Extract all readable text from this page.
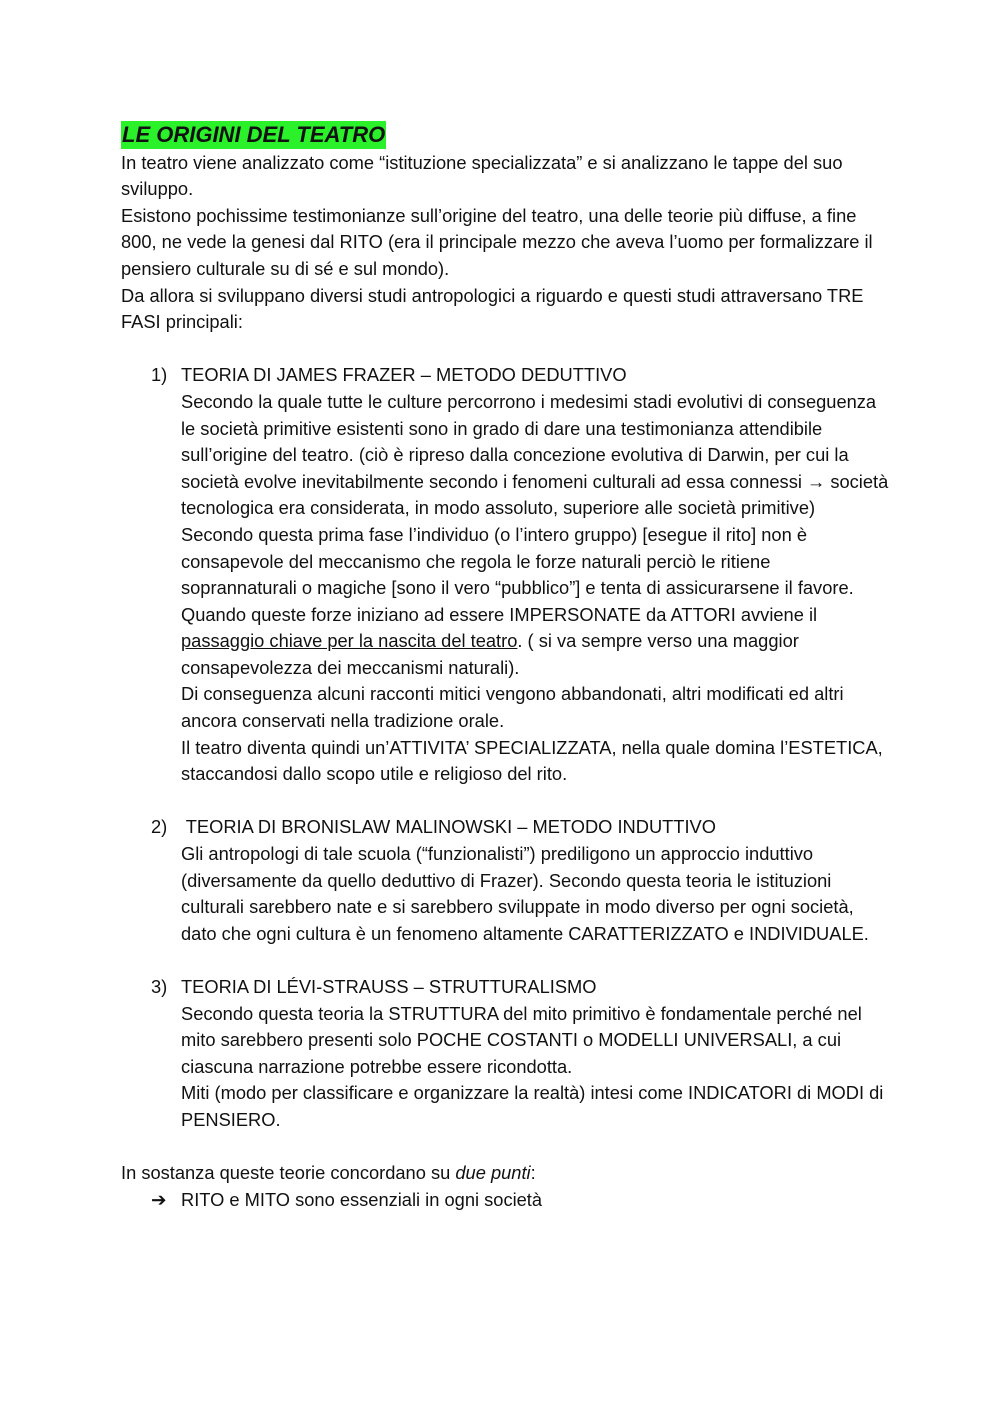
LE ORIGINI DEL TEATRO

In teatro viene analizzato come “istituzione specializzata” e si analizzano le tappe del suo sviluppo.

Esistono pochissime testimonianze sull’origine del teatro, una delle teorie più diffuse, a fine 800, ne vede la genesi dal RITO (era il principale mezzo che aveva l’uomo per formalizzare il pensiero culturale su di sé e sul mondo).

Da allora si sviluppano diversi studi antropologici a riguardo e questi studi attraversano TRE FASI principali:

1) TEORIA DI JAMES FRAZER – METODO DEDUTTIVO

Secondo la quale tutte le culture percorrono i medesimi stadi evolutivi di conseguenza le società primitive esistenti sono in grado di dare una testimonianza attendibile sull’origine del teatro. (ciò è ripreso dalla concezione evolutiva di Darwin, per cui la società evolve inevitabilmente secondo i fenomeni culturali ad essa connessi → società tecnologica era considerata, in modo assoluto, superiore alle società primitive)

Secondo questa prima fase l’individuo (o l’intero gruppo) [esegue il rito] non è consapevole del meccanismo che regola le forze naturali perciò le ritiene soprannaturali o magiche [sono il vero “pubblico”] e tenta di assicurarsene il favore. Quando queste forze iniziano ad essere IMPERSONATE da ATTORI avviene il passaggio chiave per la nascita del teatro. ( si va sempre verso una maggior consapevolezza dei meccanismi naturali).

Di conseguenza alcuni racconti mitici vengono abbandonati, altri modificati ed altri ancora conservati nella tradizione orale.

Il teatro diventa quindi un’ATTIVITA’ SPECIALIZZATA, nella quale domina l’ESTETICA, staccandosi dallo scopo utile e religioso del rito.

2) TEORIA DI BRONISLAW MALINOWSKI – METODO INDUTTIVO

Gli antropologi di tale scuola (“funzionalisti”) prediligono un approccio induttivo (diversamente da quello deduttivo di Frazer). Secondo questa teoria le istituzioni culturali sarebbero nate e si sarebbero sviluppate in modo diverso per ogni società, dato che ogni cultura è un fenomeno altamente CARATTERIZZATO e INDIVIDUALE.

3) TEORIA DI LÉVI-STRAUSS – STRUTTURALISMO

Secondo questa teoria la STRUTTURA del mito primitivo è fondamentale perché nel mito sarebbero presenti solo POCHE COSTANTI o MODELLI UNIVERSALI, a cui ciascuna narrazione potrebbe essere ricondotta.

Miti (modo per classificare e organizzare la realtà) intesi come INDICATORI di MODI di PENSIERO.

In sostanza queste teorie concordano su due punti:

➔ RITO e MITO sono essenziali in ogni società
